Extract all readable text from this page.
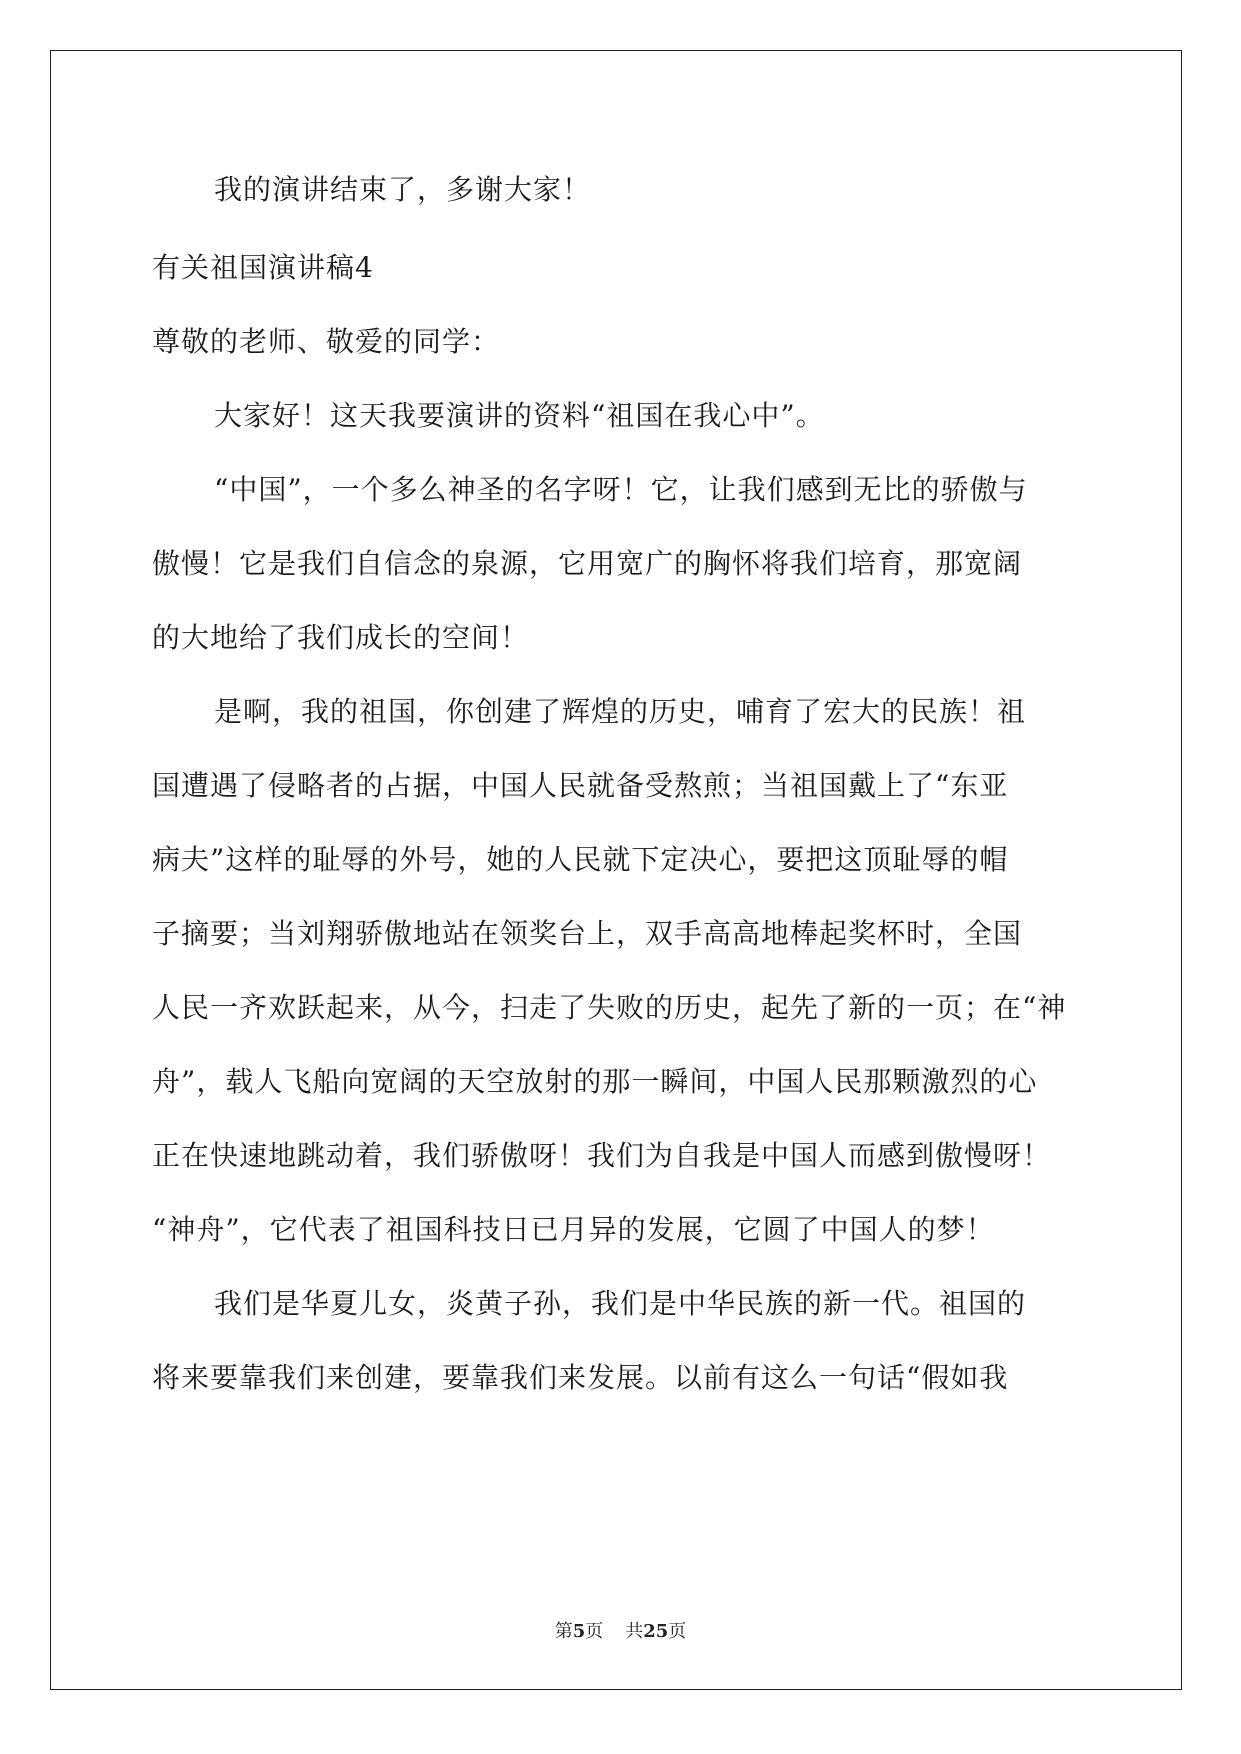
我的演讲结束了，多谢大家！
有关祖国演讲稿4
尊敬的老师、敬爱的同学：
大家好！这天我要演讲的资料“祖国在我心中”。
“中国”，一个多么神圣的名字呀！它，让我们感到无比的骄傲与
傲慢！它是我们自信念的泉源，它用宽广的胸怀将我们培育，那宽阔
的大地给了我们成长的空间！
是啊，我的祖国，你创建了辉煌的历史，哺育了宏大的民族！祖
国遭遇了侵略者的占据，中国人民就备受熬煎；当祖国戴上了“东亚
病夫”这样的耻辱的外号，她的人民就下定决心，要把这顶耻辱的帽
子摘要；当刘翔骄傲地站在领奖台上，双手高高地棒起奖杯时，全国
人民一齐欢跃起来，从今，扫走了失败的历史，起先了新的一页；在“神
舟”，载人飞船向宽阔的天空放射的那一瞬间，中国人民那颗激烈的心
正在快速地跳动着，我们骄傲呀！我们为自我是中国人而感到傲慢呀！
“神舟”，它代表了祖国科技日已月异的发展，它圆了中国人的梦！
我们是华夏儿女，炎黄子孙，我们是中华民族的新一代。祖国的
将来要靠我们来创建，要靠我们来发展。以前有这么一句话“假如我
第5页 共25页
